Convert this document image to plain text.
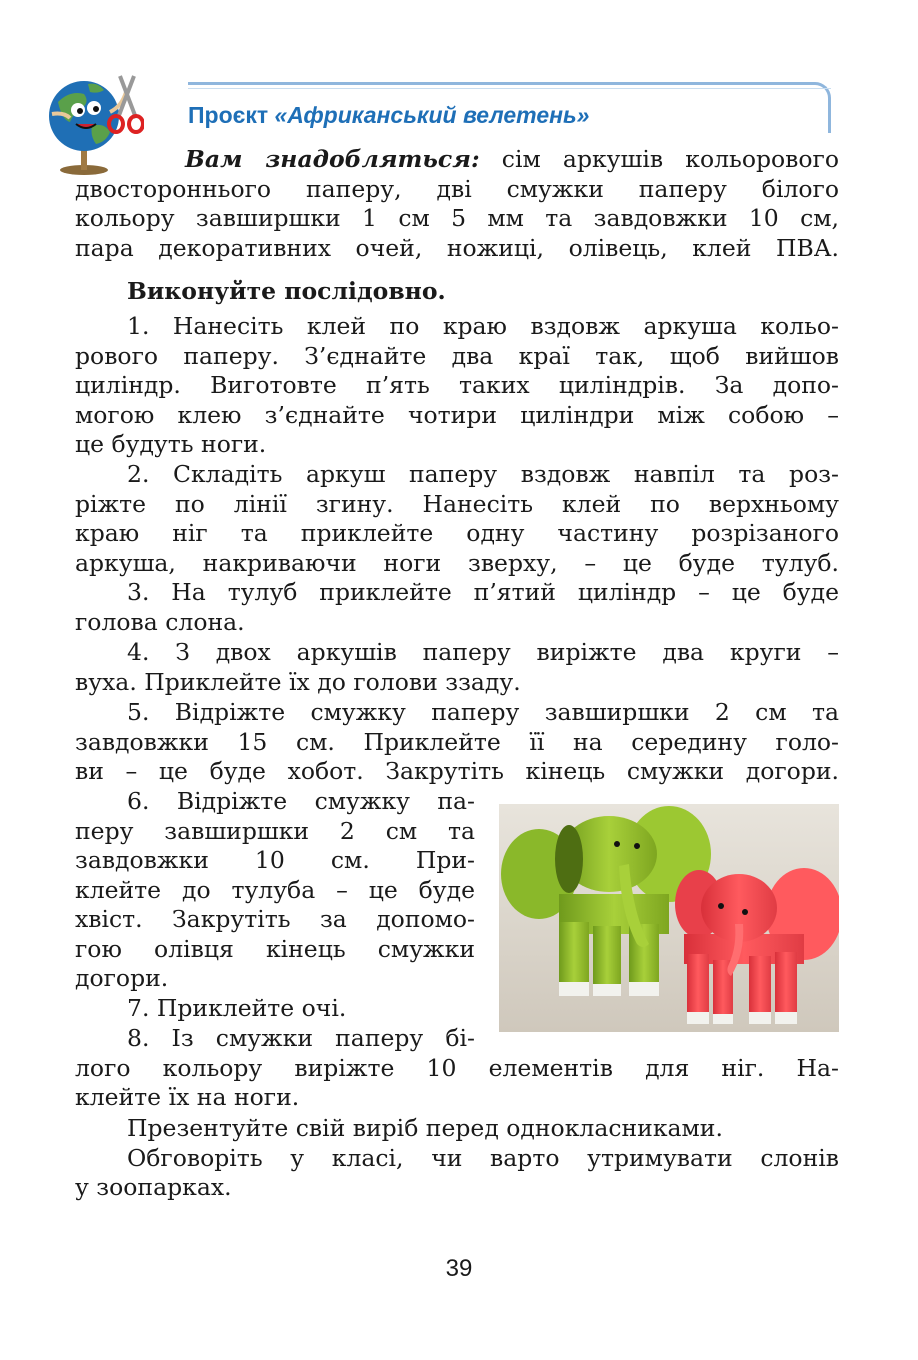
Проєкт «Африканський велетень»
Вам знадобляться: сім аркушів кольорового
двостороннього паперу, дві смужки паперу білого
кольору завширшки 1 см 5 мм та завдовжки 10 см,
пара декоративних очей, ножиці, олівець, клей ПВА.
Виконуйте послідовно.
1. Нанесіть клей по краю вздовж аркуша кольо-
рового паперу. З’єднайте два краї так, щоб вийшов
циліндр. Виготовте п’ять таких циліндрів. За допо-
могою клею з’єднайте чотири циліндри між собою –
це будуть ноги.
2. Складіть аркуш паперу вздовж навпіл та роз-
ріжте по лінії згину. Нанесіть клей по верхньому
краю ніг та приклейте одну частину розрізаного
аркуша, накриваючи ноги зверху, – це буде тулуб.
3. На тулуб приклейте п’ятий циліндр – це буде
голова слона.
4. З двох аркушів паперу виріжте два круги –
вуха. Приклейте їх до голови ззаду.
5. Відріжте смужку паперу завширшки 2 см та
завдовжки 15 см. Приклейте її на середину голо-
ви – це буде хобот. Закрутіть кінець смужки догори.
6. Відріжте смужку па-
перу завширшки 2 см та
завдовжки 10 см. При-
клейте до тулуба – це буде
хвіст. Закрутіть за допомо-
гою олівця кінець смужки
догори.
7. Приклейте очі.
8. Із смужки паперу бі-
лого кольору виріжте 10 елементів для ніг. На-
клейте їх на ноги.
Презентуйте свій виріб перед однокласниками.
Обговоріть у класі, чи варто утримувати слонів
у зоопарках.
39
